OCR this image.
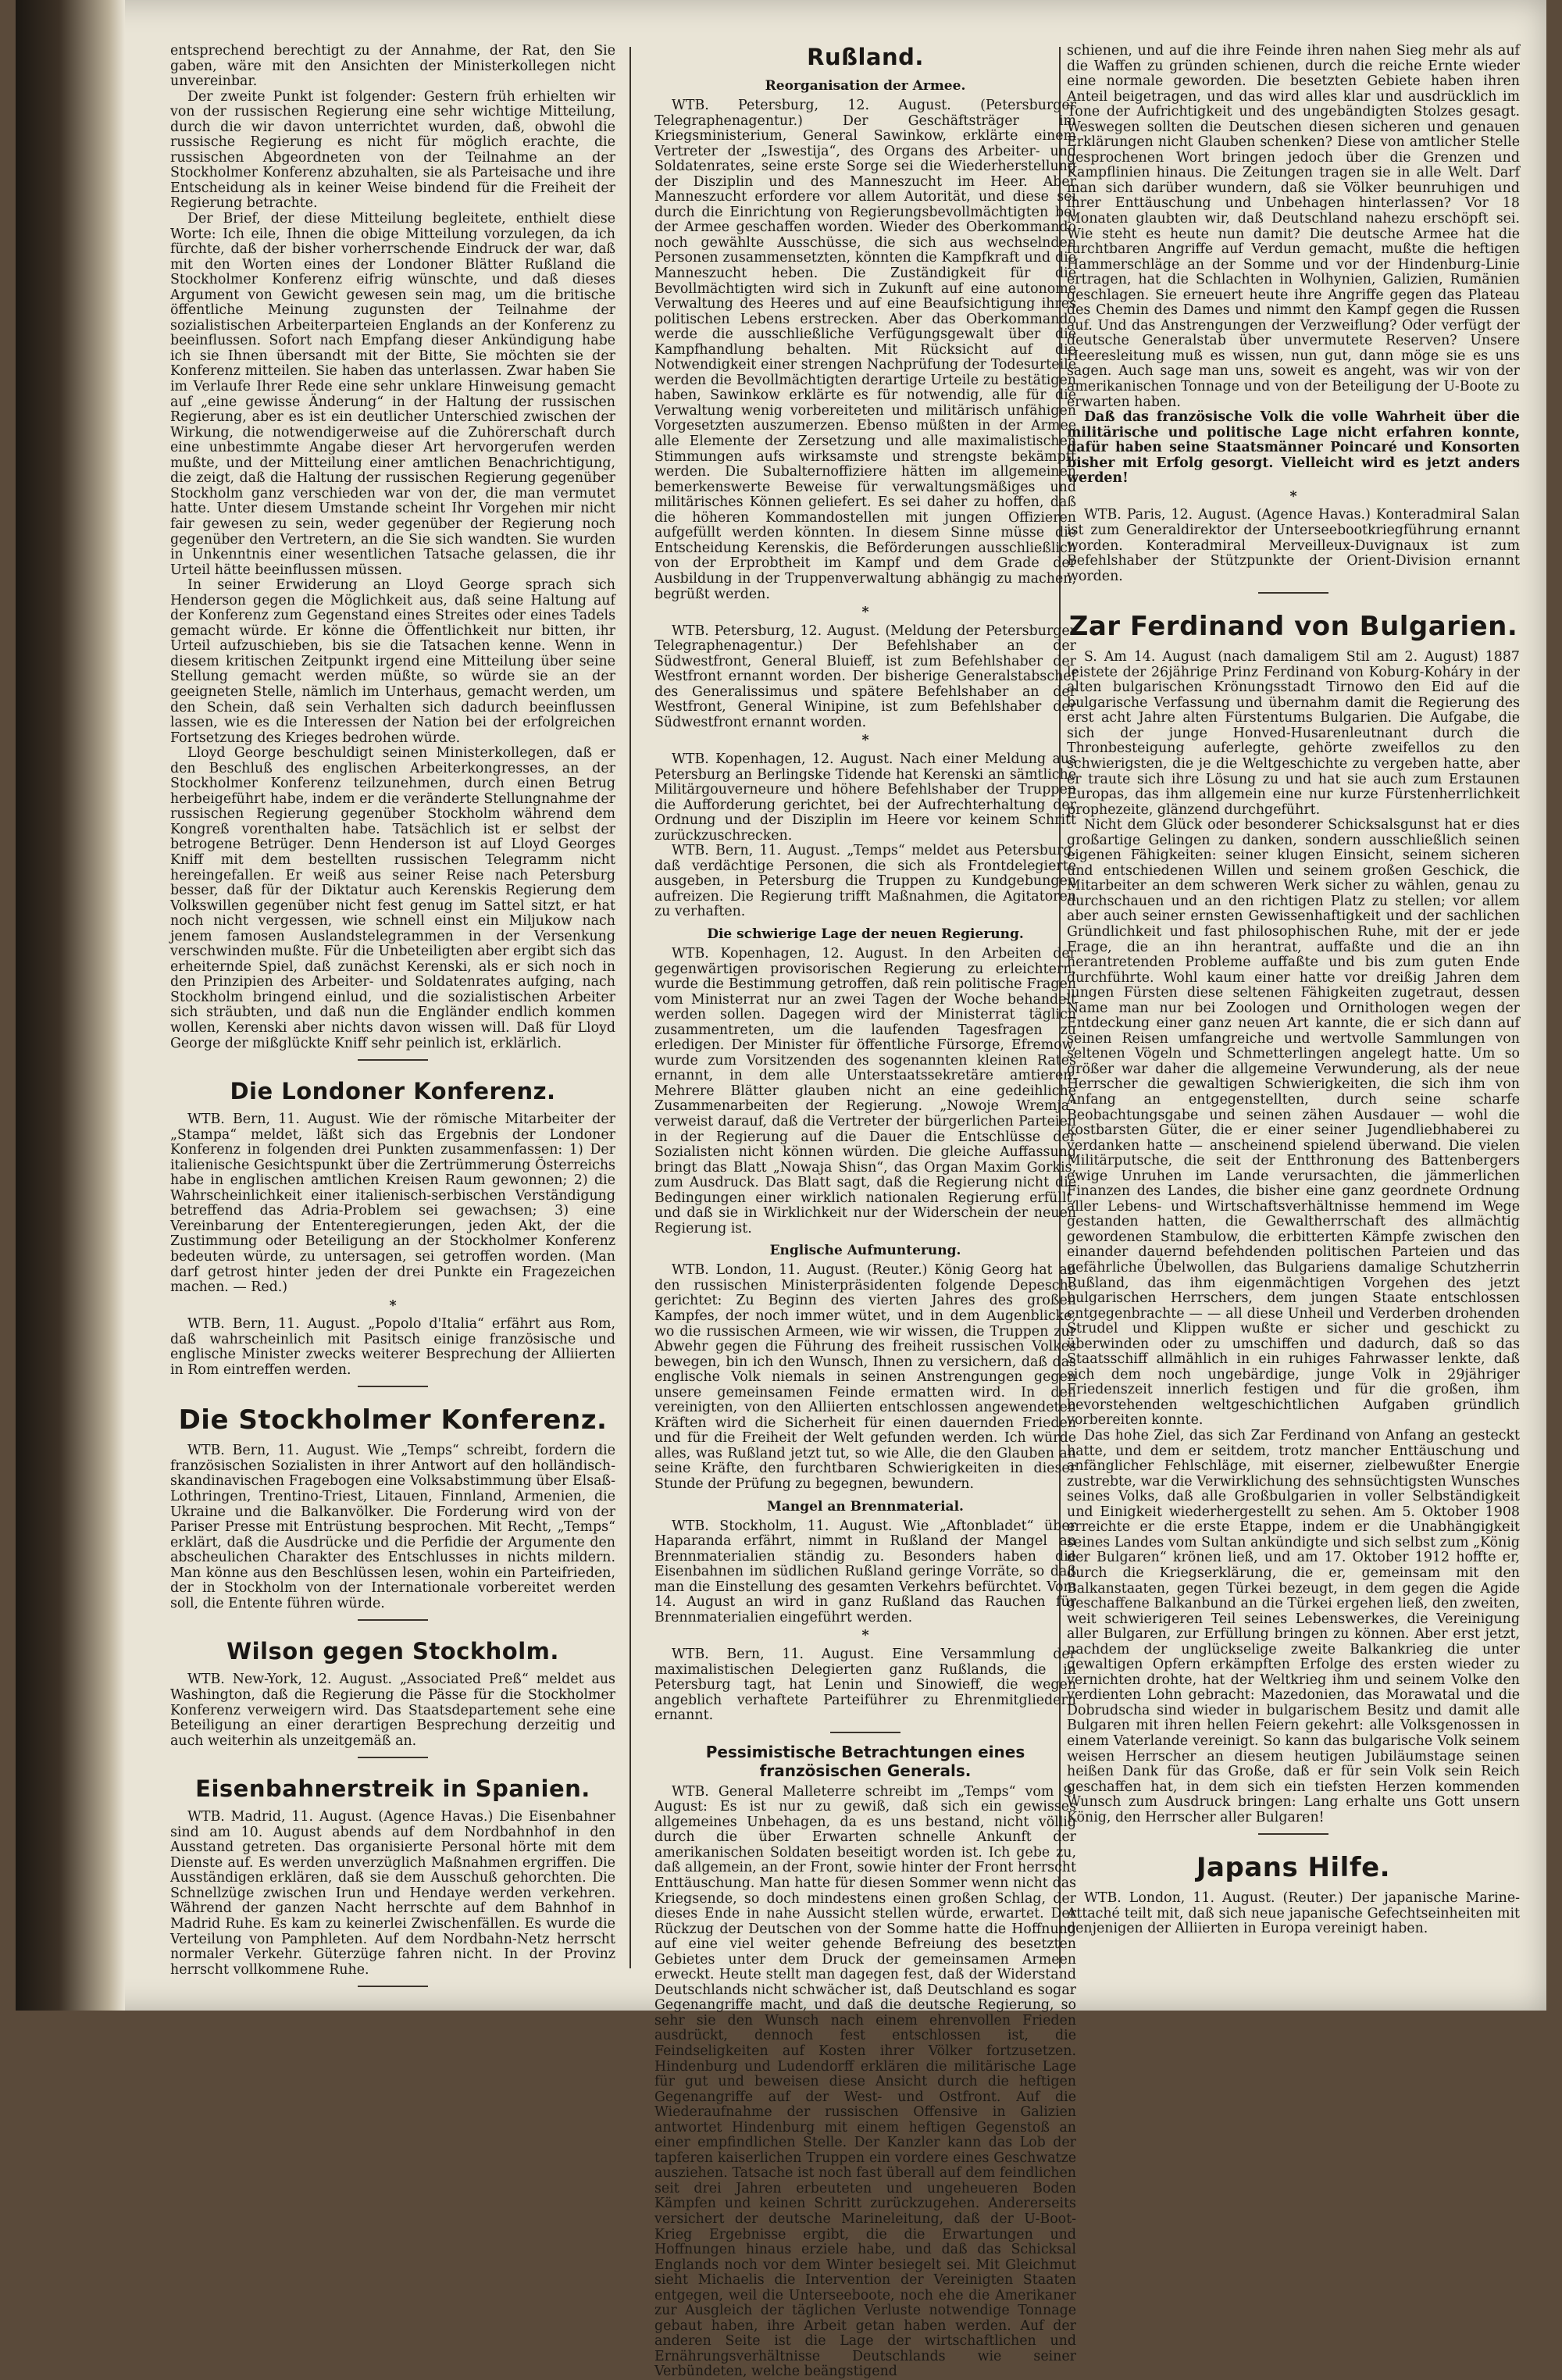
entsprechend berechtigt zu der Annahme, der Rat, den Sie gaben, wäre mit den Ansichten der Ministerkollegen nicht unvereinbar.

Der zweite Punkt ist folgender: Gestern früh erhielten wir von der russischen Regierung eine sehr wichtige Mitteilung, durch die wir davon unterrichtet wurden, daß, obwohl die russische Regierung es nicht für möglich erachte, die russischen Abgeordneten von der Teilnahme an der Stockholmer Konferenz abzuhalten, sie als Parteisache und ihre Entscheidung als in keiner Weise bindend für die Freiheit der Regierung betrachte.

Der Brief, der diese Mitteilung begleitete, enthielt diese Worte: Ich eile, Ihnen die obige Mitteilung vorzulegen, da ich fürchte, daß der bisher vorherrschende Eindruck der war, daß mit den Worten eines der Londoner Blätter Rußland die Stockholmer Konferenz eifrig wünschte, und daß dieses Argument von Gewicht gewesen sein mag, um die britische öffentliche Meinung zugunsten der Teilnahme der sozialistischen Arbeiterparteien Englands an der Konferenz zu beeinflussen. Sofort nach Empfang dieser Ankündigung habe ich sie Ihnen übersandt mit der Bitte, Sie möchten sie der Konferenz mitteilen. Sie haben das unterlassen. Zwar haben Sie im Verlaufe Ihrer Rede eine sehr unklare Hinweisung gemacht auf „eine gewisse Änderung“ in der Haltung der russischen Regierung, aber es ist ein deutlicher Unterschied zwischen der Wirkung, die notwendigerweise auf die Zuhörerschaft durch eine unbestimmte Angabe dieser Art hervorgerufen werden mußte, und der Mitteilung einer amtlichen Benachrichtigung, die zeigt, daß die Haltung der russischen Regierung gegenüber Stockholm ganz verschieden war von der, die man vermutet hatte. Unter diesem Umstande scheint Ihr Vorgehen mir nicht fair gewesen zu sein, weder gegenüber der Regierung noch gegenüber den Vertretern, an die Sie sich wandten. Sie wurden in Unkenntnis einer wesentlichen Tatsache gelassen, die ihr Urteil hätte beeinflussen müssen.

In seiner Erwiderung an Lloyd George sprach sich Henderson gegen die Möglichkeit aus, daß seine Haltung auf der Konferenz zum Gegenstand eines Streites oder eines Tadels gemacht würde. Er könne die Öffentlichkeit nur bitten, ihr Urteil aufzuschieben, bis sie die Tatsachen kenne. Wenn in diesem kritischen Zeitpunkt irgend eine Mitteilung über seine Stellung gemacht werden müßte, so würde sie an der geeigneten Stelle, nämlich im Unterhaus, gemacht werden, um den Schein, daß sein Verhalten sich dadurch beeinflussen lassen, wie es die Interessen der Nation bei der erfolgreichen Fortsetzung des Krieges bedrohen würde.

Lloyd George beschuldigt seinen Ministerkollegen, daß er den Beschluß des englischen Arbeiterkongresses, an der Stockholmer Konferenz teilzunehmen, durch einen Betrug herbeigeführt habe, indem er die veränderte Stellungnahme der russischen Regierung gegenüber Stockholm während dem Kongreß vorenthalten habe. Tatsächlich ist er selbst der betrogene Betrüger. Denn Henderson ist auf Lloyd Georges Kniff mit dem bestellten russischen Telegramm nicht hereingefallen. Er weiß aus seiner Reise nach Petersburg besser, daß für der Diktatur auch Kerenskis Regierung dem Volkswillen gegenüber nicht fest genug im Sattel sitzt, er hat noch nicht vergessen, wie schnell einst ein Miljukow nach jenem famosen Auslandstelegrammen in der Versenkung verschwinden mußte. Für die Unbeteiligten aber ergibt sich das erheiternde Spiel, daß zunächst Kerenski, als er sich noch in den Prinzipien des Arbeiter- und Soldatenrates aufging, nach Stockholm bringend einlud, und die sozialistischen Arbeiter sich sträubten, und daß nun die Engländer endlich kommen wollen, Kerenski aber nichts davon wissen will. Daß für Lloyd George der mißglückte Kniff sehr peinlich ist, erklärlich.

Die Londoner Konferenz.

WTB. Bern, 11. August. Wie der römische Mitarbeiter der „Stampa“ meldet, läßt sich das Ergebnis der Londoner Konferenz in folgenden drei Punkten zusammenfassen: 1) Der italienische Gesichtspunkt über die Zertrümmerung Österreichs habe in englischen amtlichen Kreisen Raum gewonnen; 2) die Wahrscheinlichkeit einer italienisch-serbischen Verständigung betreffend das Adria-Problem sei gewachsen; 3) eine Vereinbarung der Ententeregierungen, jeden Akt, der die Zustimmung oder Beteiligung an der Stockholmer Konferenz bedeuten würde, zu untersagen, sei getroffen worden. (Man darf getrost hinter jeden der drei Punkte ein Fragezeichen machen. — Red.)

*

WTB. Bern, 11. August. „Popolo d'Italia“ erfährt aus Rom, daß wahrscheinlich mit Pasitsch einige französische und englische Minister zwecks weiterer Besprechung der Alliierten in Rom eintreffen werden.

Die Stockholmer Konferenz.

WTB. Bern, 11. August. Wie „Temps“ schreibt, fordern die französischen Sozialisten in ihrer Antwort auf den holländisch-skandinavischen Fragebogen eine Volksabstimmung über Elsaß-Lothringen, Trentino-Triest, Litauen, Finnland, Armenien, die Ukraine und die Balkanvölker. Die Forderung wird von der Pariser Presse mit Entrüstung besprochen. Mit Recht, „Temps“ erklärt, daß die Ausdrücke und die Perfidie der Argumente den abscheulichen Charakter des Entschlusses in nichts mildern. Man könne aus den Beschlüssen lesen, wohin ein Parteifrieden, der in Stockholm von der Internationale vorbereitet werden soll, die Entente führen würde.

Wilson gegen Stockholm.

WTB. New-York, 12. August. „Associated Preß“ meldet aus Washington, daß die Regierung die Pässe für die Stockholmer Konferenz verweigern wird. Das Staatsdepartement sehe eine Beteiligung an einer derartigen Besprechung derzeitig und auch weiterhin als unzeitgemäß an.

Eisenbahnerstreik in Spanien.

WTB. Madrid, 11. August. (Agence Havas.) Die Eisenbahner sind am 10. August abends auf dem Nordbahnhof in den Ausstand getreten. Das organisierte Personal hörte mit dem Dienste auf. Es werden unverzüglich Maßnahmen ergriffen. Die Ausständigen erklären, daß sie dem Ausschuß gehorchten. Die Schnellzüge zwischen Irun und Hendaye werden verkehren. Während der ganzen Nacht herrschte auf dem Bahnhof in Madrid Ruhe. Es kam zu keinerlei Zwischenfällen. Es wurde die Verteilung von Pamphleten. Auf dem Nordbahn-Netz herrscht normaler Verkehr. Güterzüge fahren nicht. In der Provinz herrscht vollkommene Ruhe.

Rußland.
Reorganisation der Armee.

WTB. Petersburg, 12. August. (Petersburger Telegraphenagentur.) Der Geschäftsträger im Kriegsministerium, General Sawinkow, erklärte einem Vertreter der „Iswestija“, des Organs des Arbeiter- und Soldatenrates, seine erste Sorge sei die Wiederherstellung der Disziplin und des Manneszucht im Heer. Aber Manneszucht erfordere vor allem Autorität, und diese sei durch die Einrichtung von Regierungsbevollmächtigten bei der Armee geschaffen worden. Wieder des Oberkommando noch gewählte Ausschüsse, die sich aus wechselnden Personen zusammensetzten, könnten die Kampfkraft und die Manneszucht heben. Die Zuständigkeit für die Bevollmächtigten wird sich in Zukunft auf eine autonome Verwaltung des Heeres und auf eine Beaufsichtigung ihres politischen Lebens erstrecken. Aber das Oberkommando werde die ausschließliche Verfügungsgewalt über die Kampfhandlung behalten. Mit Rücksicht auf die Notwendigkeit einer strengen Nachprüfung der Todesurteile werden die Bevollmächtigten derartige Urteile zu bestätigen haben, Sawinkow erklärte es für notwendig, alle für die Verwaltung wenig vorbereiteten und militärisch unfähigen Vorgesetzten auszumerzen. Ebenso müßten in der Armee alle Elemente der Zersetzung und alle maximalistischen Stimmungen aufs wirksamste und strengste bekämpft werden. Die Subalternoffiziere hätten im allgemeinen bemerkenswerte Beweise für verwaltungsmäßiges und militärisches Können geliefert. Es sei daher zu hoffen, daß die höheren Kommandostellen mit jungen Offizieren aufgefüllt werden könnten. In diesem Sinne müsse die Entscheidung Kerenskis, die Beförderungen ausschließlich von der Erprobtheit im Kampf und dem Grade der Ausbildung in der Truppenverwaltung abhängig zu machen, begrüßt werden.

*

WTB. Petersburg, 12. August. (Meldung der Petersburger Telegraphenagentur.) Der Befehlshaber an der Südwestfront, General Bluieff, ist zum Befehlshaber der Westfront ernannt worden. Der bisherige Generalstabschef des Generalissimus und spätere Befehlshaber an der Westfront, General Winipine, ist zum Befehlshaber der Südwestfront ernannt worden.

*

WTB. Kopenhagen, 12. August. Nach einer Meldung aus Petersburg an Berlingske Tidende hat Kerenski an sämtliche Militärgouverneure und höhere Befehlshaber der Truppen die Aufforderung gerichtet, bei der Aufrechterhaltung der Ordnung und der Disziplin im Heere vor keinem Schritt zurückzuschrecken.

WTB. Bern, 11. August. „Temps“ meldet aus Petersburg, daß verdächtige Personen, die sich als Frontdelegierte ausgeben, in Petersburg die Truppen zu Kundgebungen aufreizen. Die Regierung trifft Maßnahmen, die Agitatoren zu verhaften.

Die schwierige Lage der neuen Regierung.

WTB. Kopenhagen, 12. August. In den Arbeiten der gegenwärtigen provisorischen Regierung zu erleichtern, wurde die Bestimmung getroffen, daß rein politische Fragen vom Ministerrat nur an zwei Tagen der Woche behandelt werden sollen. Dagegen wird der Ministerrat täglich zusammentreten, um die laufenden Tagesfragen zu erledigen. Der Minister für öffentliche Fürsorge, Efremow, wurde zum Vorsitzenden des sogenannten kleinen Rates ernannt, in dem alle Unterstaatssekretäre amtieren. Mehrere Blätter glauben nicht an eine gedeihliche Zusammenarbeiten der Regierung. „Nowoje Wremja“ verweist darauf, daß die Vertreter der bürgerlichen Parteien in der Regierung auf die Dauer die Entschlüsse der Sozialisten nicht können würden. Die gleiche Auffassung bringt das Blatt „Nowaja Shisn“, das Organ Maxim Gorkis, zum Ausdruck. Das Blatt sagt, daß die Regierung nicht die Bedingungen einer wirklich nationalen Regierung erfüllt, und daß sie in Wirklichkeit nur der Widerschein der neuen Regierung ist.

Englische Aufmunterung.

WTB. London, 11. August. (Reuter.) König Georg hat an den russischen Ministerpräsidenten folgende Depesche gerichtet: Zu Beginn des vierten Jahres des großen Kampfes, der noch immer wütet, und in dem Augenblicke, wo die russischen Armeen, wie wir wissen, die Truppen zur Abwehr gegen die Führung des freiheit russischen Volkes bewegen, bin ich den Wunsch, Ihnen zu versichern, daß das englische Volk niemals in seinen Anstrengungen gegen unsere gemeinsamen Feinde ermatten wird. In den vereinigten, von den Alliierten entschlossen angewendeten Kräften wird die Sicherheit für einen dauernden Frieden und für die Freiheit der Welt gefunden werden. Ich würde alles, was Rußland jetzt tut, so wie Alle, die den Glauben an seine Kräfte, den furchtbaren Schwierigkeiten in dieser Stunde der Prüfung zu begegnen, bewundern.

Mangel an Brennmaterial.

WTB. Stockholm, 11. August. Wie „Aftonbladet“ über Haparanda erfährt, nimmt in Rußland der Mangel an Brennmaterialien ständig zu. Besonders haben die Eisenbahnen im südlichen Rußland geringe Vorräte, so daß man die Einstellung des gesamten Verkehrs befürchtet. Vom 14. August an wird in ganz Rußland das Rauchen für Brennmaterialien eingeführt werden.

*

WTB. Bern, 11. August. Eine Versammlung der maximalistischen Delegierten ganz Rußlands, die in Petersburg tagt, hat Lenin und Sinowieff, die wegen angeblich verhaftete Parteiführer zu Ehrenmitgliedern ernannt.

Pessimistische Betrachtungen eines französischen Generals.

WTB. General Malleterre schreibt im „Temps“ vom 9. August: Es ist nur zu gewiß, daß sich ein gewisses allgemeines Unbehagen, da es uns bestand, nicht völlig durch die über Erwarten schnelle Ankunft der amerikanischen Soldaten beseitigt worden ist. Ich gebe zu, daß allgemein, an der Front, sowie hinter der Front herrscht Enttäuschung. Man hatte für diesen Sommer wenn nicht das Kriegsende, so doch mindestens einen großen Schlag, der dieses Ende in nahe Aussicht stellen würde, erwartet. Der Rückzug der Deutschen von der Somme hatte die Hoffnung auf eine viel weiter gehende Befreiung des besetzten Gebietes unter dem Druck der gemeinsamen Armeen erweckt. Heute stellt man dagegen fest, daß der Widerstand Deutschlands nicht schwächer ist, daß Deutschland es sogar Gegenangriffe macht, und daß die deutsche Regierung, so sehr sie den Wunsch nach einem ehrenvollen Frieden ausdrückt, dennoch fest entschlossen ist, die Feindseligkeiten auf Kosten ihrer Völker fortzusetzen. Hindenburg und Ludendorff erklären die militärische Lage für gut und beweisen diese Ansicht durch die heftigen Gegenangriffe auf der West- und Ostfront. Auf die Wiederaufnahme der russischen Offensive in Galizien antwortet Hindenburg mit einem heftigen Gegenstoß an einer empfindlichen Stelle. Der Kanzler kann das Lob der tapferen kaiserlichen Truppen ein vordere eines Geschwatze ausziehen. Tatsache ist noch fast überall auf dem feindlichen seit drei Jahren erbeuteten und ungeheueren Boden Kämpfen und keinen Schritt zurückzugehen. Andererseits versichert der deutsche Marineleitung, daß der U-Boot-Krieg Ergebnisse ergibt, die die Erwartungen und Hoffnungen hinaus erziele habe, und daß das Schicksal Englands noch vor dem Winter besiegelt sei. Mit Gleichmut sieht Michaelis die Intervention der Vereinigten Staaten entgegen, weil die Unterseeboote, noch ehe die Amerikaner zur Ausgleich der täglichen Verluste notwendige Tonnage gebaut haben, ihre Arbeit getan haben werden. Auf der anderen Seite ist die Lage der wirtschaftlichen und Ernährungsverhältnisse Deutschlands wie seiner Verbündeten, welche beängstigend

schienen, und auf die ihre Feinde ihren nahen Sieg mehr als auf die Waffen zu gründen schienen, durch die reiche Ernte wieder eine normale geworden. Die besetzten Gebiete haben ihren Anteil beigetragen, und das wird alles klar und ausdrücklich im Tone der Aufrichtigkeit und des ungebändigten Stolzes gesagt. Weswegen sollten die Deutschen diesen sicheren und genauen Erklärungen nicht Glauben schenken? Diese von amtlicher Stelle gesprochenen Wort bringen jedoch über die Grenzen und Kampflinien hinaus. Die Zeitungen tragen sie in alle Welt. Darf man sich darüber wundern, daß sie Völker beunruhigen und ihrer Enttäuschung und Unbehagen hinterlassen? Vor 18 Monaten glaubten wir, daß Deutschland nahezu erschöpft sei. Wie steht es heute nun damit? Die deutsche Armee hat die furchtbaren Angriffe auf Verdun gemacht, mußte die heftigen Hammerschläge an der Somme und vor der Hindenburg-Linie ertragen, hat die Schlachten in Wolhynien, Galizien, Rumänien geschlagen. Sie erneuert heute ihre Angriffe gegen das Plateau des Chemin des Dames und nimmt den Kampf gegen die Russen auf. Und das Anstrengungen der Verzweiflung? Oder verfügt der deutsche Generalstab über unvermutete Reserven? Unsere Heeresleitung muß es wissen, nun gut, dann möge sie es uns sagen. Auch sage man uns, soweit es angeht, was wir von der amerikanischen Tonnage und von der Beteiligung der U-Boote zu erwarten haben.

Daß das französische Volk die volle Wahrheit über die militärische und politische Lage nicht erfahren konnte, dafür haben seine Staatsmänner Poincaré und Konsorten bisher mit Erfolg gesorgt. Vielleicht wird es jetzt anders werden!

*

WTB. Paris, 12. August. (Agence Havas.) Konteradmiral Salan ist zum Generaldirektor der Unterseebootkriegführung ernannt worden. Konteradmiral Merveilleux-Duvignaux ist zum Befehlshaber der Stützpunkte der Orient-Division ernannt worden.

Zar Ferdinand von Bulgarien.

S. Am 14. August (nach damaligem Stil am 2. August) 1887 leistete der 26jährige Prinz Ferdinand von Koburg-Koháry in der alten bulgarischen Krönungsstadt Tirnowo den Eid auf die bulgarische Verfassung und übernahm damit die Regierung des erst acht Jahre alten Fürstentums Bulgarien. Die Aufgabe, die sich der junge Honved-Husarenleutnant durch die Thronbesteigung auferlegte, gehörte zweifellos zu den schwierigsten, die je die Weltgeschichte zu vergeben hatte, aber er traute sich ihre Lösung zu und hat sie auch zum Erstaunen Europas, das ihm allgemein eine nur kurze Fürstenherrlichkeit prophezeite, glänzend durchgeführt.

Nicht dem Glück oder besonderer Schicksalsgunst hat er dies großartige Gelingen zu danken, sondern ausschließlich seinen eigenen Fähigkeiten: seiner klugen Einsicht, seinem sicheren und entschiedenen Willen und seinem großen Geschick, die Mitarbeiter an dem schweren Werk sicher zu wählen, genau zu durchschauen und an den richtigen Platz zu stellen; vor allem aber auch seiner ernsten Gewissenhaftigkeit und der sachlichen Gründlichkeit und fast philosophischen Ruhe, mit der er jede Frage, die an ihn herantrat, auffaßte und die an ihn herantretenden Probleme auffaßte und bis zum guten Ende durchführte. Wohl kaum einer hatte vor dreißig Jahren dem jungen Fürsten diese seltenen Fähigkeiten zugetraut, dessen Name man nur bei Zoologen und Ornithologen wegen der Entdeckung einer ganz neuen Art kannte, die er sich dann auf seinen Reisen umfangreiche und wertvolle Sammlungen von seltenen Vögeln und Schmetterlingen angelegt hatte. Um so größer war daher die allgemeine Verwunderung, als der neue Herrscher die gewaltigen Schwierigkeiten, die sich ihm von Anfang an entgegenstellten, durch seine scharfe Beobachtungsgabe und seinen zähen Ausdauer — wohl die kostbarsten Güter, die er einer seiner Jugendliebhaberei zu verdanken hatte — anscheinend spielend überwand. Die vielen Militärputsche, die seit der Entthronung des Battenbergers ewige Unruhen im Lande verursachten, die jämmerlichen Finanzen des Landes, die bisher eine ganz geordnete Ordnung aller Lebens- und Wirtschaftsverhältnisse hemmend im Wege gestanden hatten, die Gewaltherrschaft des allmächtig gewordenen Stambulow, die erbitterten Kämpfe zwischen den einander dauernd befehdenden politischen Parteien und das gefährliche Übelwollen, das Bulgariens damalige Schutzherrin Rußland, das ihm eigenmächtigen Vorgehen des jetzt bulgarischen Herrschers, dem jungen Staate entschlossen entgegenbrachte — — all diese Unheil und Verderben drohenden Strudel und Klippen wußte er sicher und geschickt zu überwinden oder zu umschiffen und dadurch, daß so das Staatsschiff allmählich in ein ruhiges Fahrwasser lenkte, daß sich dem noch ungebärdige, junge Volk in 29jähriger Friedenszeit innerlich festigen und für die großen, ihm bevorstehenden weltgeschichtlichen Aufgaben gründlich vorbereiten konnte.

Das hohe Ziel, das sich Zar Ferdinand von Anfang an gesteckt hatte, und dem er seitdem, trotz mancher Enttäuschung und anfänglicher Fehlschläge, mit eiserner, zielbewußter Energie zustrebte, war die Verwirklichung des sehnsüchtigsten Wunsches seines Volks, daß alle Großbulgarien in voller Selbständigkeit und Einigkeit wiederhergestellt zu sehen. Am 5. Oktober 1908 erreichte er die erste Etappe, indem er die Unabhängigkeit seines Landes vom Sultan ankündigte und sich selbst zum „König der Bulgaren“ krönen ließ, und am 17. Oktober 1912 hoffte er, durch die Kriegserklärung, die er, gemeinsam mit den Balkanstaaten, gegen Türkei bezeugt, in dem gegen die Agide geschaffene Balkanbund an die Türkei ergehen ließ, den zweiten, weit schwierigeren Teil seines Lebenswerkes, die Vereinigung aller Bulgaren, zur Erfüllung bringen zu können. Aber erst jetzt, nachdem der unglückselige zweite Balkankrieg die unter gewaltigen Opfern erkämpften Erfolge des ersten wieder zu vernichten drohte, hat der Weltkrieg ihm und seinem Volke den verdienten Lohn gebracht: Mazedonien, das Morawatal und die Dobrudscha sind wieder in bulgarischem Besitz und damit alle Bulgaren mit ihren hellen Feiern gekehrt: alle Volksgenossen in einem Vaterlande vereinigt. So kann das bulgarische Volk seinem weisen Herrscher an diesem heutigen Jubiläumstage seinen heißen Dank für das Große, daß er für sein Volk sein Reich geschaffen hat, in dem sich ein tiefsten Herzen kommenden Wunsch zum Ausdruck bringen: Lang erhalte uns Gott unsern König, den Herrscher aller Bulgaren!

Japans Hilfe.

WTB. London, 11. August. (Reuter.) Der japanische Marine-Attaché teilt mit, daß sich neue japanische Gefechtseinheiten mit denjenigen der Alliierten in Europa vereinigt haben.
